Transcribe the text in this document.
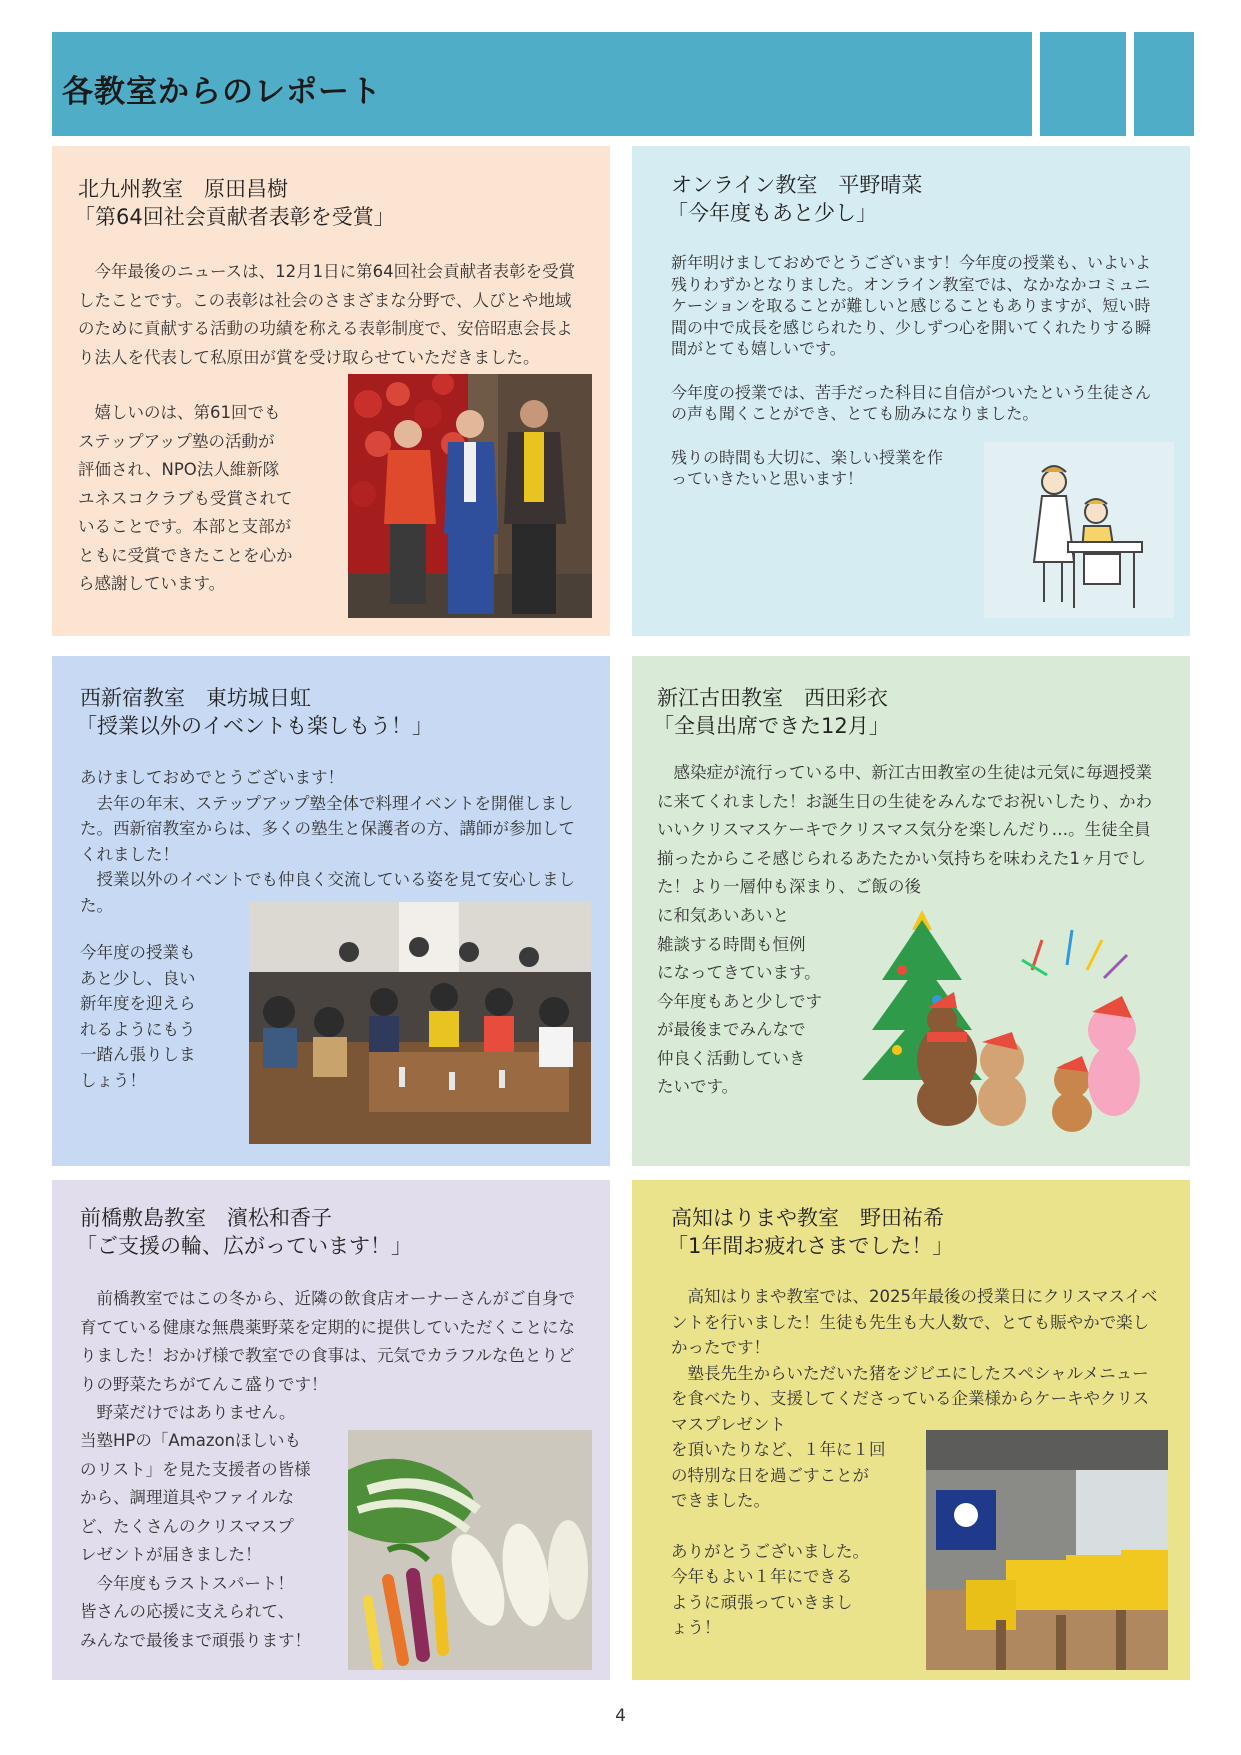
各教室からのレポート
北九州教室　原田昌樹
「第64回社会貢献者表彰を受賞」

　今年最後のニュースは、12月1日に第64回社会貢献者表彰を受賞したことです。この表彰は社会のさまざまな分野で、人びとや地域のために貢献する活動の功績を称える表彰制度で、安倍昭恵会長より法人を代表して私原田が賞を受け取らせていただきました。

　嬉しいのは、第61回でも
ステップアップ塾の活動が
評価され、NPO法人維新隊
ユネスコクラブも受賞されて
いることです。本部と支部が
ともに受賞できたことを心か
ら感謝しています。
オンライン教室　平野晴菜
「今年度もあと少し」

新年明けましておめでとうございます！今年度の授業も、いよいよ残りわずかとなりました。オンライン教室では、なかなかコミュニケーションを取ることが難しいと感じることもありますが、短い時間の中で成長を感じられたり、少しずつ心を開いてくれたりする瞬間がとても嬉しいです。

今年度の授業では、苦手だった科目に自信がついたという生徒さんの声も聞くことができ、とても励みになりました。

残りの時間も大切に、楽しい授業を作
っていきたいと思います！
西新宿教室　東坊城日虹
「授業以外のイベントも楽しもう！」

あけましておめでとうございます！

　去年の年末、ステップアップ塾全体で料理イベントを開催しました。西新宿教室からは、多くの塾生と保護者の方、講師が参加してくれました！

　授業以外のイベントでも仲良く交流している姿を見て安心しました。

今年度の授業も
あと少し、良い
新年度を迎えら
れるようにもう
一踏ん張りしま
しょう！
新江古田教室　西田彩衣
「全員出席できた12月」

　感染症が流行っている中、新江古田教室の生徒は元気に毎週授業に来てくれました！お誕生日の生徒をみんなでお祝いしたり、かわいいクリスマスケーキでクリスマス気分を楽しんだり…。生徒全員揃ったからこそ感じられるあたたかい気持ちを味わえた1ヶ月でした！より一層仲も深まり、ご飯の後

に和気あいあいと
雑談する時間も恒例
になってきています。
今年度もあと少しです
が最後までみんなで
仲良く活動していき
たいです。
前橋敷島教室　濱松和香子
「ご支援の輪、広がっています！」

　前橋教室ではこの冬から、近隣の飲食店オーナーさんがご自身で育てている健康な無農薬野菜を定期的に提供していただくことになりました！おかげ様で教室での食事は、元気でカラフルな色とりどりの野菜たちがてんこ盛りです！

　野菜だけではありません。

当塾HPの「Amazonほしいも
のリスト」を見た支援者の皆様
から、調理道具やファイルな
ど、たくさんのクリスマスプ
レゼントが届きました！
　今年度もラストスパート！
皆さんの応援に支えられて、
みんなで最後まで頑張ります！
高知はりまや教室　野田祐希
「1年間お疲れさまでした！」

　高知はりまや教室では、2025年最後の授業日にクリスマスイベントを行いました！生徒も先生も大人数で、とても賑やかで楽しかったです！

　塾長先生からいただいた猪をジビエにしたスペシャルメニューを食べたり、支援してくださっている企業様からケーキやクリスマスプレゼント

を頂いたりなど、１年に１回
の特別な日を過ごすことが
できました。
ありがとうございました。
今年もよい１年にできる
ように頑張っていきまし
ょう！
4
